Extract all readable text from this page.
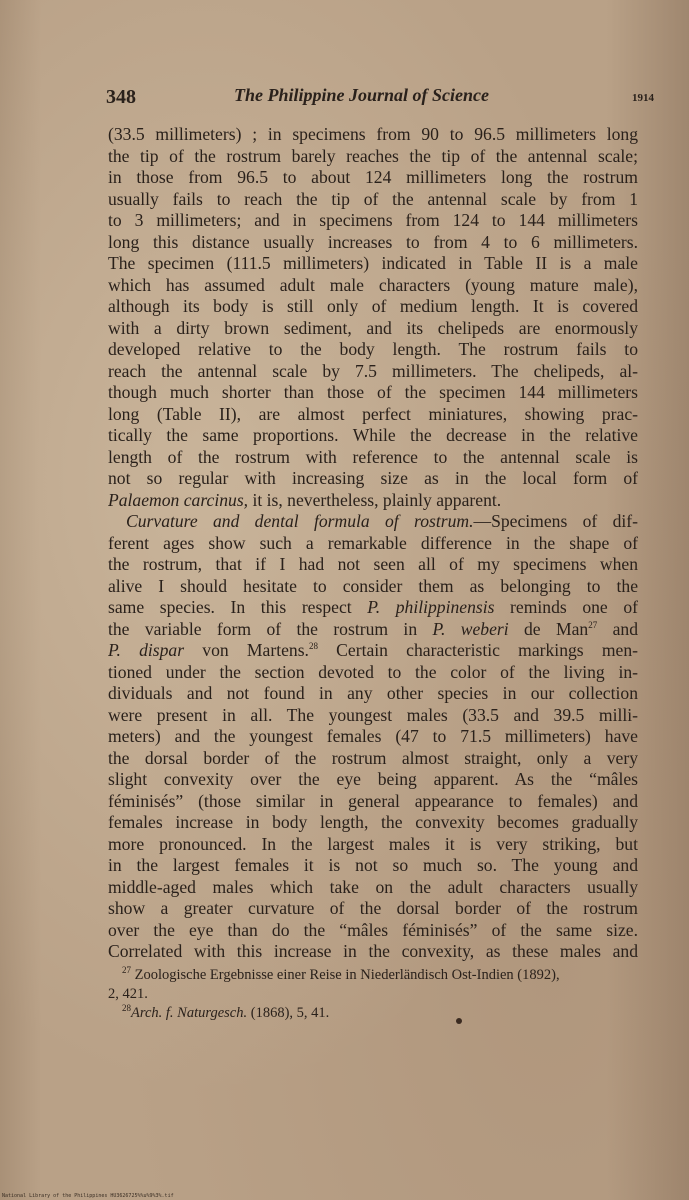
348	The Philippine Journal of Science	1914
(33.5 millimeters) ; in specimens from 90 to 96.5 millimeters long
the tip of the rostrum barely reaches the tip of the antennal scale;
in those from 96.5 to about 124 millimeters long the rostrum
usually fails to reach the tip of the antennal scale by from 1
to 3 millimeters; and in specimens from 124 to 144 millimeters
long this distance usually increases to from 4 to 6 millimeters.
The specimen (111.5 millimeters) indicated in Table II is a male
which has assumed adult male characters (young mature male),
although its body is still only of medium length. It is covered
with a dirty brown sediment, and its chelipeds are enormously
developed relative to the body length. The rostrum fails to
reach the antennal scale by 7.5 millimeters. The chelipeds, al-
though much shorter than those of the specimen 144 millimeters
long (Table II), are almost perfect miniatures, showing prac-
tically the same proportions. While the decrease in the relative
length of the rostrum with reference to the antennal scale is
not so regular with increasing size as in the local form of
Palaemon carcinus, it is, nevertheless, plainly apparent.
Curvature and dental formula of rostrum.—Specimens of dif-
ferent ages show such a remarkable difference in the shape of
the rostrum, that if I had not seen all of my specimens when
alive I should hesitate to consider them as belonging to the
same species. In this respect P. philippinensis reminds one of
the variable form of the rostrum in P. weberi de Man$^{27}$ and
P. dispar von Martens.$^{28}$ Certain characteristic markings men-
tioned under the section devoted to the color of the living in-
dividuals and not found in any other species in our collection
were present in all. The youngest males (33.5 and 39.5 milli-
meters) and the youngest females (47 to 71.5 millimeters) have
the dorsal border of the rostrum almost straight, only a very
slight convexity over the eye being apparent. As the “mâles
féminisés” (those similar in general appearance to females) and
females increase in body length, the convexity becomes gradually
more pronounced. In the largest males it is very striking, but
in the largest females it is not so much so. The young and
middle-aged males which take on the adult characters usually
show a greater curvature of the dorsal border of the rostrum
over the eye than do the “mâles féminisés” of the same size.
Correlated with this increase in the convexity, as these males and
$^{27}$ Zoologische Ergebnisse einer Reise in Niederländisch Ost-Indien (1892),
2, 421.
$^{28}$Arch. f. Naturgesch. (1868), 5, 41.
National Library of the Philippines HU3626725%%u%9%3%.tif
